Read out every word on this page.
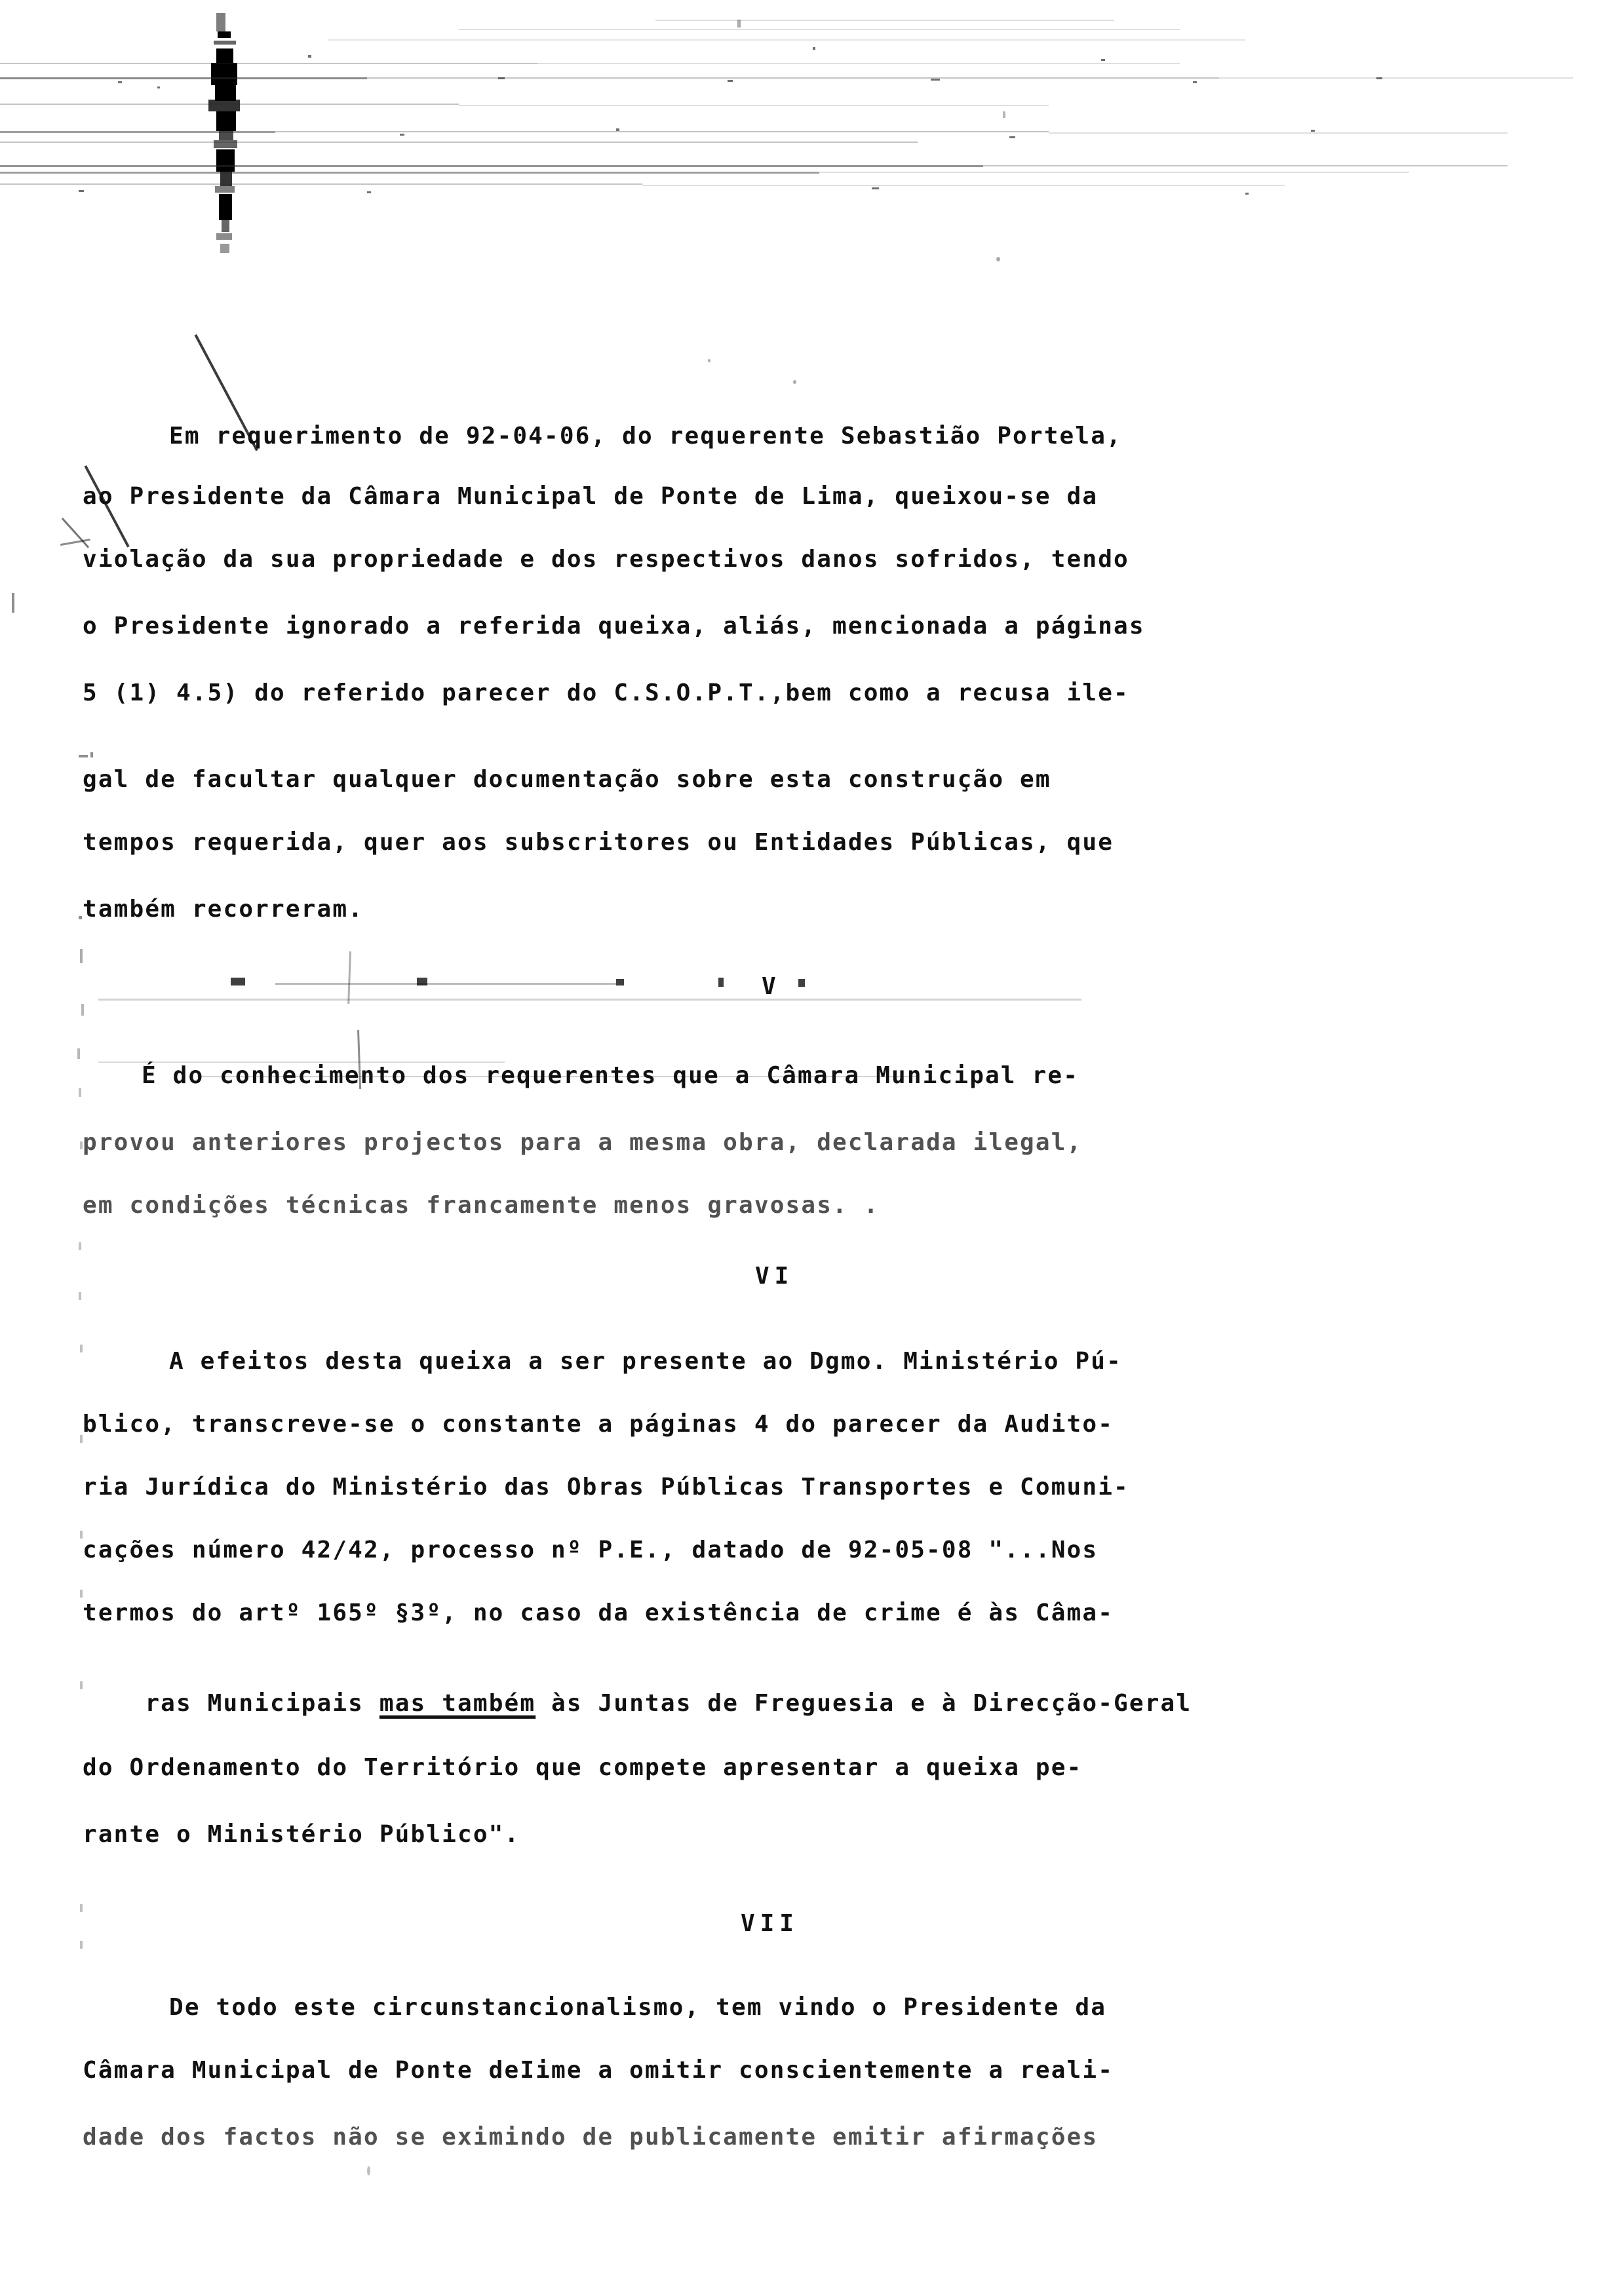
Em requerimento de 92-04-06, do requerente Sebastião Portela,
ao Presidente da Câmara Municipal de Ponte de Lima, queixou-se da
violação da sua propriedade e dos respectivos danos sofridos, tendo
o Presidente ignorado a referida queixa, aliás, mencionada a páginas
5 (1) 4.5) do referido parecer do C.S.O.P.T.,bem como a recusa ile-
gal de facultar qualquer documentação sobre esta construção em
tempos requerida, quer aos subscritores ou Entidades Públicas, que
também recorreram.
V
É do conhecimento dos requerentes que a Câmara Municipal re-
provou anteriores projectos para a mesma obra, declarada ilegal,
em condições técnicas francamente menos gravosas. .
VI
A efeitos desta queixa a ser presente ao Dgmo. Ministério Pú-
blico, transcreve-se o constante a páginas 4 do parecer da Audito-
ria Jurídica do Ministério das Obras Públicas Transportes e Comuni-
cações número 42/42, processo nº P.E., datado de 92-05-08 "...Nos
termos do artº 165º §3º, no caso da existência de crime é às Câma-

ras Municipais mas também às Juntas de Freguesia e à Direcção-Geral

do Ordenamento do Território que compete apresentar a queixa pe-
rante o Ministério Público".
VII
De todo este circunstancionalismo, tem vindo o Presidente da
Câmara Municipal de Ponte deIime a omitir conscientemente a reali-
dade dos factos não se eximindo de publicamente emitir afirmações
